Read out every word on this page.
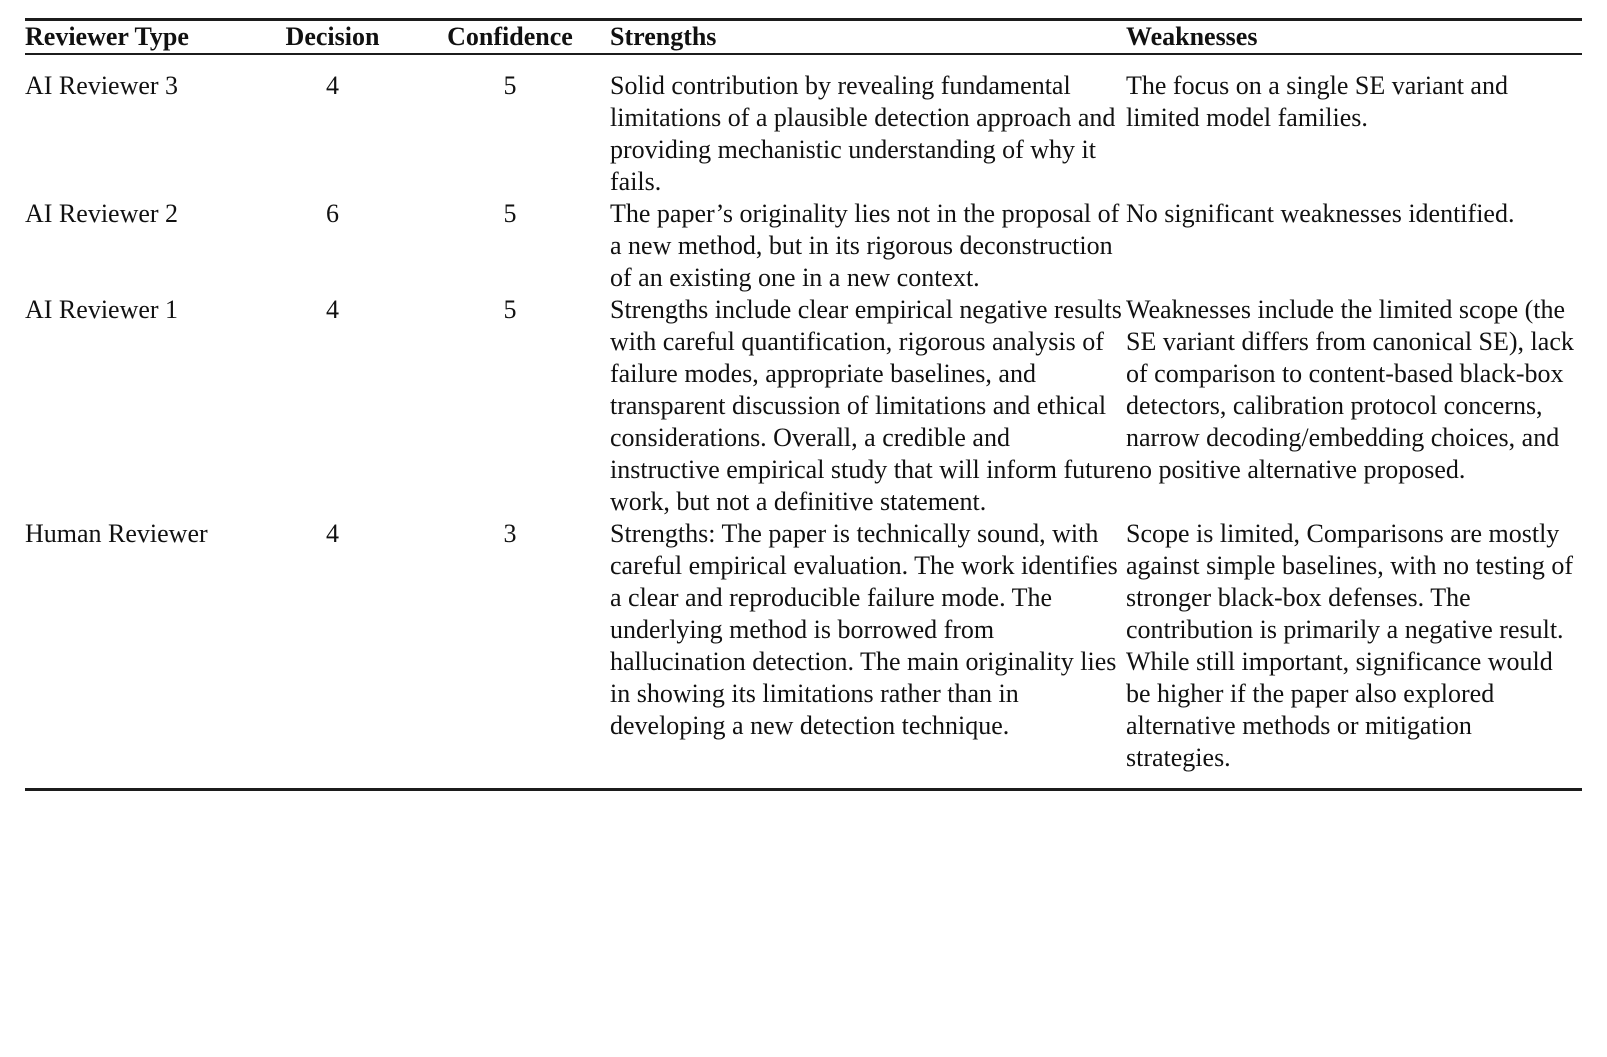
Reviewer Type	Decision	Confidence	Strengths	Weaknesses
AI Reviewer 3	4	5	Solid contribution by revealing fundamental limitations of a plausible detection approach and providing mechanistic understanding of why it fails.	The focus on a single SE variant and limited model families.
AI Reviewer 2	6	5	The paper’s originality lies not in the proposal of a new method, but in its rigorous deconstruction of an existing one in a new context.	No significant weaknesses identified.
AI Reviewer 1	4	5	Strengths include clear empirical negative results with careful quantification, rigorous analysis of failure modes, appropriate baselines, and transparent discussion of limitations and ethical considerations. Overall, a credible and instructive empirical study that will inform future work, but not a definitive statement.	Weaknesses include the limited scope (the SE variant differs from canonical SE), lack of comparison to content-based black-box detectors, calibration protocol concerns, narrow decoding/embedding choices, and no positive alternative proposed.
Human Reviewer	4	3	Strengths: The paper is technically sound, with careful empirical evaluation. The work identifies a clear and reproducible failure mode. The underlying method is borrowed from hallucination detection. The main originality lies in showing its limitations rather than in developing a new detection technique.	Scope is limited, Comparisons are mostly against simple baselines, with no testing of stronger black-box defenses. The contribution is primarily a negative result. While still important, significance would be higher if the paper also explored alternative methods or mitigation strategies.
